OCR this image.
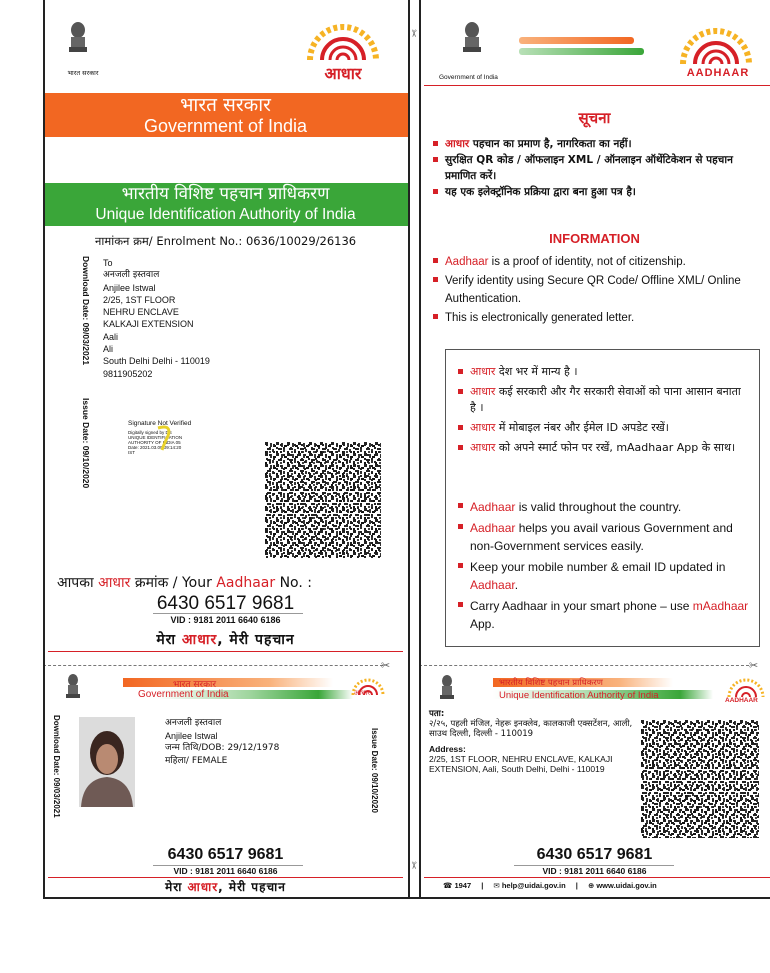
भारत सरकार	आधार
भारत सरकार
Government of India
भारतीय विशिष्ट पहचान प्राधिकरण
Unique Identification Authority of India
नामांकन क्रम/ Enrolment No.: 0636/10029/26136
Download Date: 09/03/2021
Issue Date: 09/10/2020
To
अनजली इस्तवाल
Anjilee Istwal
2/25, 1ST FLOOR
NEHRU ENCLAVE
KALKAJI EXTENSION
Aali
Ali
South Delhi Delhi - 110019
9811905202
Signature Not Verified
Digitally signed by DS UNIQUE IDENTIFICATION AUTHORITY OF INDIA 05 Date: 2021.03.09 09:14:20 IST
आपका आधार क्रमांक / Your Aadhaar No. :
6430 6517 9681
VID : 9181 2011 6640 6186
मेरा आधार, मेरी पहचान
✂
भारत सरकार
Government of India	आधार
Download Date: 09/03/2021	Issue Date: 09/10/2020
अनजली इस्तवाल
Anjilee Istwal
जन्म तिथि/DOB: 29/12/1978
महिला/ FEMALE
6430 6517 9681
VID : 9181 2011 6640 6186
मेरा आधार, मेरी पहचान
Government of India	AADHAAR
सूचना
आधार पहचान का प्रमाण है, नागरिकता का नहीं।
सुरक्षित QR कोड / ऑफलाइन XML / ऑनलाइन ऑथेंटिकेशन से पहचान प्रमाणित करें।
यह एक इलेक्ट्रॉनिक प्रक्रिया द्वारा बना हुआ पत्र है।
INFORMATION
Aadhaar is a proof of identity, not of citizenship.
Verify identity using Secure QR Code/ Offline XML/ Online Authentication.
This is electronically generated letter.
आधार देश भर में मान्य है ।
आधार कई सरकारी और गैर सरकारी सेवाओं को पाना आसान बनाता है ।
आधार में मोबाइल नंबर और ईमेल ID अपडेट रखें।
आधार को अपने स्मार्ट फोन पर रखें, mAadhaar App के साथ।
Aadhaar is valid throughout the country.
Aadhaar helps you avail various Government and non-Government services easily.
Keep your mobile number & email ID updated in Aadhaar.
Carry Aadhaar in your smart phone – use mAadhaar App.
✂
भारतीय विशिष्ट पहचान प्राधिकरण
Unique Identification Authority of India	AADHAAR
पता:
२/२५, पहली मंजिल, नेहरू इनक्लेव, कालकाजी एक्सटेंशन, आली, साउथ दिल्ली, दिल्ली - 110019
Address:
2/25, 1ST FLOOR, NEHRU ENCLAVE, KALKAJI EXTENSION, Aali, South Delhi, Delhi - 110019
6430 6517 9681
VID : 9181 2011 6640 6186
☎ 1947 | ✉ help@uidai.gov.in | ⊕ www.uidai.gov.in
✂
✂
